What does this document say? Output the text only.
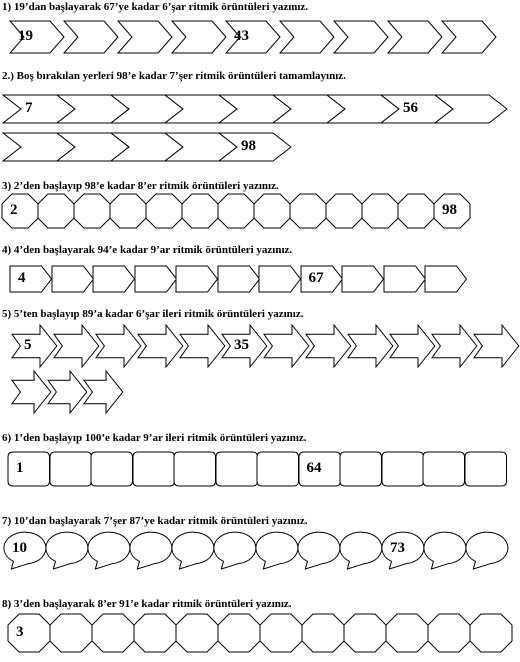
1) 19’dan başlayarak 67’ye kadar 6’şar ritmik örüntüleri yazınız.
2.) Boş bırakılan yerleri 98’e kadar 7’şer ritmik örüntüleri tamamlayınız.
3) 2’den başlayıp 98’e kadar 8’er ritmik örüntüleri yazınız.
4) 4’den başlayarak 94’e kadar 9’ar ritmik örüntüleri yazınız.
5) 5’ten başlayıp 89’a kadar 6’şar ileri ritmik örüntüleri yazınız.
6) 1’den başlayıp 100’e kadar 9’ar ileri ritmik örüntüleri yazınız.
7) 10’dan başlayarak 7’şer 87’ye kadar ritmik örüntüleri yazınız.
8) 3’den başlayarak 8’er 91’e kadar ritmik örüntüleri yazınız.
19	43
7	56
98
2	98
4	67
5	35
1	64
10	73
3
